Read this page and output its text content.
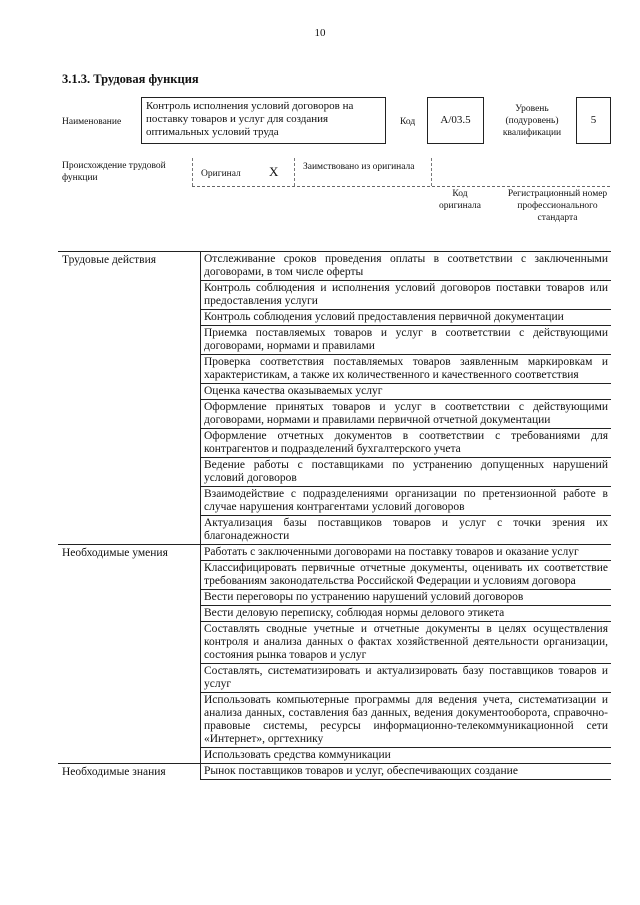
10
3.1.3. Трудовая функция
Наименование
Контроль исполнения условий договоров на поставку товаров и услуг для создания оптимальных условий труда
Код A/03.5
Уровень (подуровень) квалификации
5
Происхождение трудовой функции	Оригинал X	Заимствовано из оригинала
Код оригинала
Регистрационный номер профессионального стандарта
Трудовые действия	Отслеживание сроков проведения оплаты в соответствии с заключенными договорами, в том числе оферты
	Контроль соблюдения и исполнения условий договоров поставки товаров или предоставления услуги
	Контроль соблюдения условий предоставления первичной документации
	Приемка поставляемых товаров и услуг в соответствии с действующими договорами, нормами и правилами
	Проверка соответствия поставляемых товаров заявленным маркировкам и характеристикам, а также их количественного и качественного соответствия
	Оценка качества оказываемых услуг
	Оформление принятых товаров и услуг в соответствии с действующими договорами, нормами и правилами первичной отчетной документации
	Оформление отчетных документов в соответствии с требованиями для контрагентов и подразделений бухгалтерского учета
	Ведение работы с поставщиками по устранению допущенных нарушений условий договоров
	Взаимодействие с подразделениями организации по претензионной работе в случае нарушения контрагентами условий договоров
	Актуализация базы поставщиков товаров и услуг с точки зрения их благонадежности
Необходимые умения	Работать с заключенными договорами на поставку товаров и оказание услуг
	Классифицировать первичные отчетные документы, оценивать их соответствие требованиям законодательства Российской Федерации и условиям договора
	Вести переговоры по устранению нарушений условий договоров
	Вести деловую переписку, соблюдая нормы делового этикета
	Составлять сводные учетные и отчетные документы в целях осуществления контроля и анализа данных о фактах хозяйственной деятельности организации, состояния рынка товаров и услуг
	Составлять, систематизировать и актуализировать базу поставщиков товаров и услуг
	Использовать компьютерные программы для ведения учета, систематизации и анализа данных, составления баз данных, ведения документооборота, справочно-правовые системы, ресурсы информационно-телекоммуникационной сети «Интернет», оргтехнику
	Использовать средства коммуникации
Необходимые знания	Рынок поставщиков товаров и услуг, обеспечивающих создание
